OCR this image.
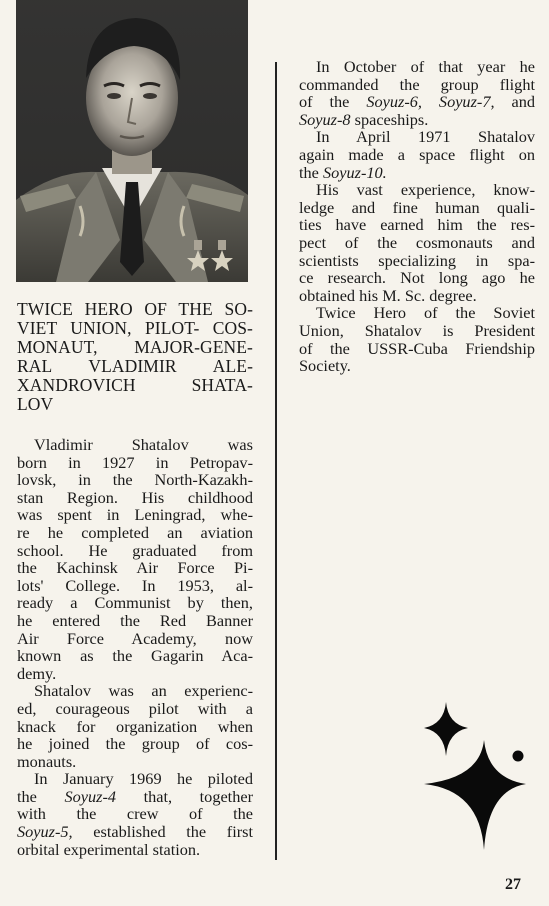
TWICE HERO OF THE SO-
VIET UNION, PILOT- COS-
MONAUT, MAJOR-GENE-
RAL VLADIMIR ALE-
XANDROVICH SHATA-
LOV
Vladimir Shatalov was
born in 1927 in Petropav-
lovsk, in the North-Kazakh-
stan Region. His childhood
was spent in Leningrad, whe-
re he completed an aviation
school. He graduated from
the Kachinsk Air Force Pi-
lots' College. In 1953, al-
ready a Communist by then,
he entered the Red Banner
Air Force Academy, now
known as the Gagarin Aca-
demy.
Shatalov was an experienc-
ed, courageous pilot with a
knack for organization when
he joined the group of cos-
monauts.
In January 1969 he piloted
the Soyuz-4 that, together
with the crew of the
Soyuz-5, established the first
orbital experimental station.
In October of that year he
commanded the group flight
of the Soyuz-6, Soyuz-7, and
Soyuz-8 spaceships.
In April 1971 Shatalov
again made a space flight on
the Soyuz-10.
His vast experience, know-
ledge and fine human quali-
ties have earned him the res-
pect of the cosmonauts and
scientists specializing in spa-
ce research. Not long ago he
obtained his M. Sc. degree.
Twice Hero of the Soviet
Union, Shatalov is President
of the USSR-Cuba Friendship
Society.
27
